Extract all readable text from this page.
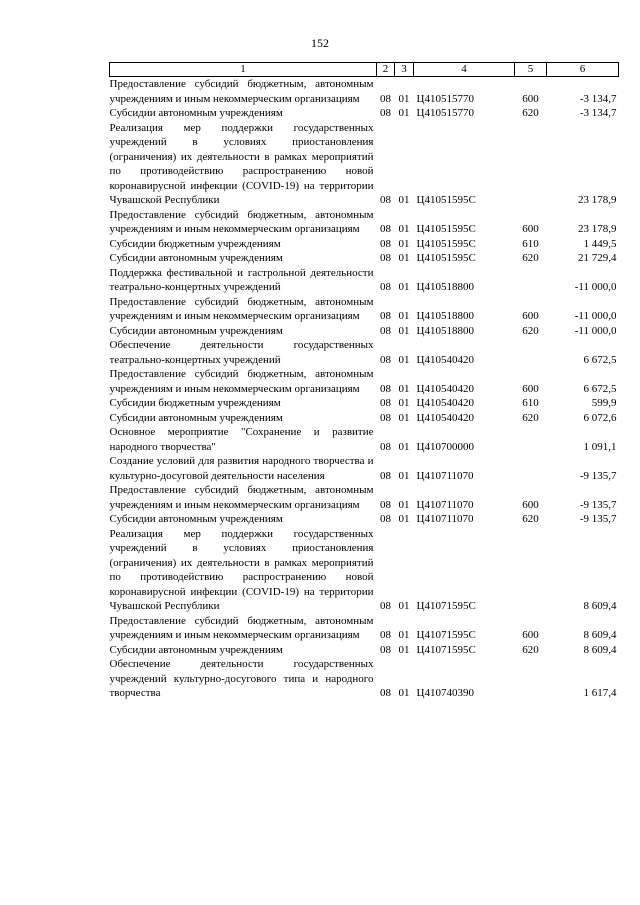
152
1	2	3	4	5	6
Предоставление субсидий бюджетным, автономным учреждениям и иным некоммерческим организациям	08	01	Ц410515770	600	-3 134,7
Субсидии автономным учреждениям	08	01	Ц410515770	620	-3 134,7
Реализация мер поддержки государственных учреждений в условиях приостановления (ограничения) их деятельности в рамках мероприятий по противодействию распространению новой коронавирусной инфекции (COVID-19) на территории Чувашской Республики	08	01	Ц41051595С		23 178,9
Предоставление субсидий бюджетным, автономным учреждениям и иным некоммерческим организациям	08	01	Ц41051595С	600	23 178,9
Субсидии бюджетным учреждениям	08	01	Ц41051595С	610	1 449,5
Субсидии автономным учреждениям	08	01	Ц41051595С	620	21 729,4
Поддержка фестивальной и гастрольной деятельности театрально-концертных учреждений	08	01	Ц410518800		-11 000,0
Предоставление субсидий бюджетным, автономным учреждениям и иным некоммерческим организациям	08	01	Ц410518800	600	-11 000,0
Субсидии автономным учреждениям	08	01	Ц410518800	620	-11 000,0
Обеспечение деятельности государственных театрально-концертных учреждений	08	01	Ц410540420		6 672,5
Предоставление субсидий бюджетным, автономным учреждениям и иным некоммерческим организациям	08	01	Ц410540420	600	6 672,5
Субсидии бюджетным учреждениям	08	01	Ц410540420	610	599,9
Субсидии автономным учреждениям	08	01	Ц410540420	620	6 072,6
Основное мероприятие "Сохранение и развитие народного творчества"	08	01	Ц410700000		1 091,1
Создание условий для развития народного творчества и культурно-досуговой деятельности населения	08	01	Ц410711070		-9 135,7
Предоставление субсидий бюджетным, автономным учреждениям и иным некоммерческим организациям	08	01	Ц410711070	600	-9 135,7
Субсидии автономным учреждениям	08	01	Ц410711070	620	-9 135,7
Реализация мер поддержки государственных учреждений в условиях приостановления (ограничения) их деятельности в рамках мероприятий по противодействию распространению новой коронавирусной инфекции (COVID-19) на территории Чувашской Республики	08	01	Ц41071595С		8 609,4
Предоставление субсидий бюджетным, автономным учреждениям и иным некоммерческим организациям	08	01	Ц41071595С	600	8 609,4
Субсидии автономным учреждениям	08	01	Ц41071595С	620	8 609,4
Обеспечение деятельности государственных учреждений культурно-досугового типа и народного творчества	08	01	Ц410740390		1 617,4
